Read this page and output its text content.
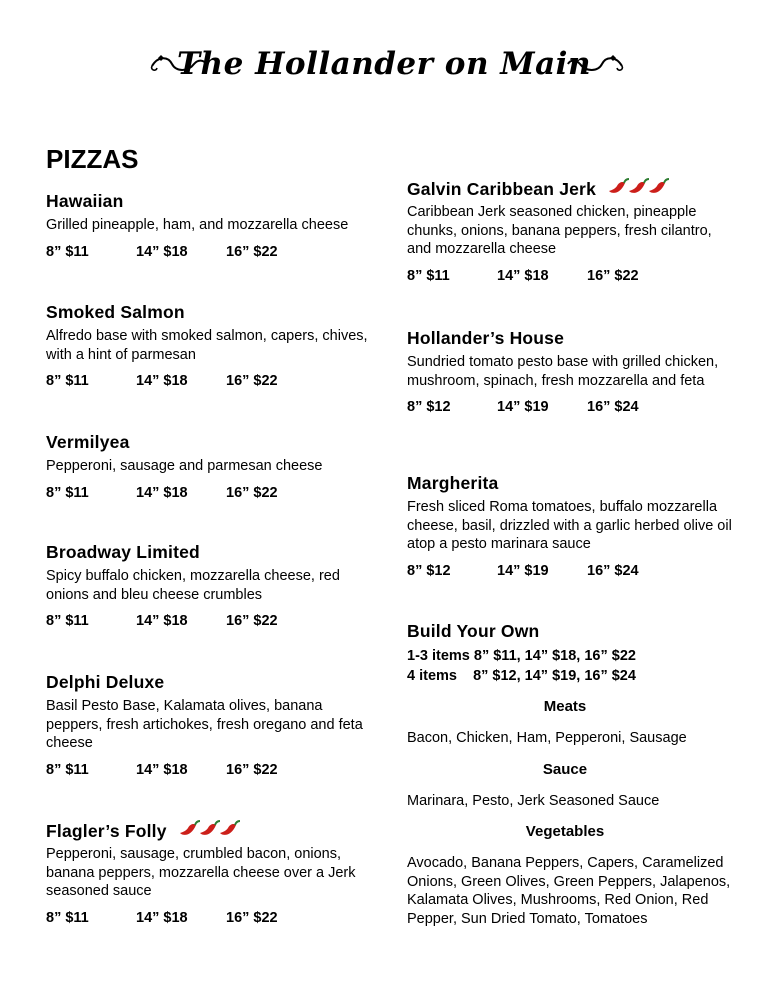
The Hollander on Main
PIZZAS
Hawaiian
Grilled pineapple, ham, and mozzarella cheese
8” $11	14” $18	16” $22
Smoked Salmon
Alfredo base with smoked salmon, capers, chives, with a hint of parmesan
8” $11	14” $18	16” $22
Vermilyea
Pepperoni, sausage and parmesan cheese
8” $11	14” $18	16” $22
Broadway Limited
Spicy buffalo chicken, mozzarella cheese, red onions and bleu cheese crumbles
8” $11	14” $18	16” $22
Delphi Deluxe
Basil Pesto Base, Kalamata olives, banana peppers, fresh artichokes, fresh oregano and feta cheese
8” $11	14” $18	16” $22
Flagler’s Folly
Pepperoni, sausage, crumbled bacon, onions, banana peppers, mozzarella cheese over a Jerk seasoned sauce
8” $11	14” $18	16” $22
Galvin Caribbean Jerk
Caribbean Jerk seasoned chicken, pineapple chunks, onions, banana peppers, fresh cilantro, and mozzarella cheese
8” $11	14” $18	16” $22
Hollander’s House
Sundried tomato pesto base with grilled chicken, mushroom, spinach, fresh mozzarella and feta
8” $12	14” $19	16” $24
Margherita
Fresh sliced Roma tomatoes, buffalo mozzarella cheese, basil, drizzled with a garlic herbed olive oil atop a pesto marinara sauce
8” $12	14” $19	16” $24
Build Your Own
1-3 items 8” $11, 14” $18, 16” $22
4 items    8” $12, 14” $19, 16” $24
Meats
Bacon, Chicken, Ham, Pepperoni, Sausage
Sauce
Marinara, Pesto, Jerk Seasoned Sauce
Vegetables
Avocado, Banana Peppers, Capers, Caramelized Onions, Green Olives, Green Peppers, Jalapenos, Kalamata Olives, Mushrooms, Red Onion, Red Pepper, Sun Dried Tomato, Tomatoes
